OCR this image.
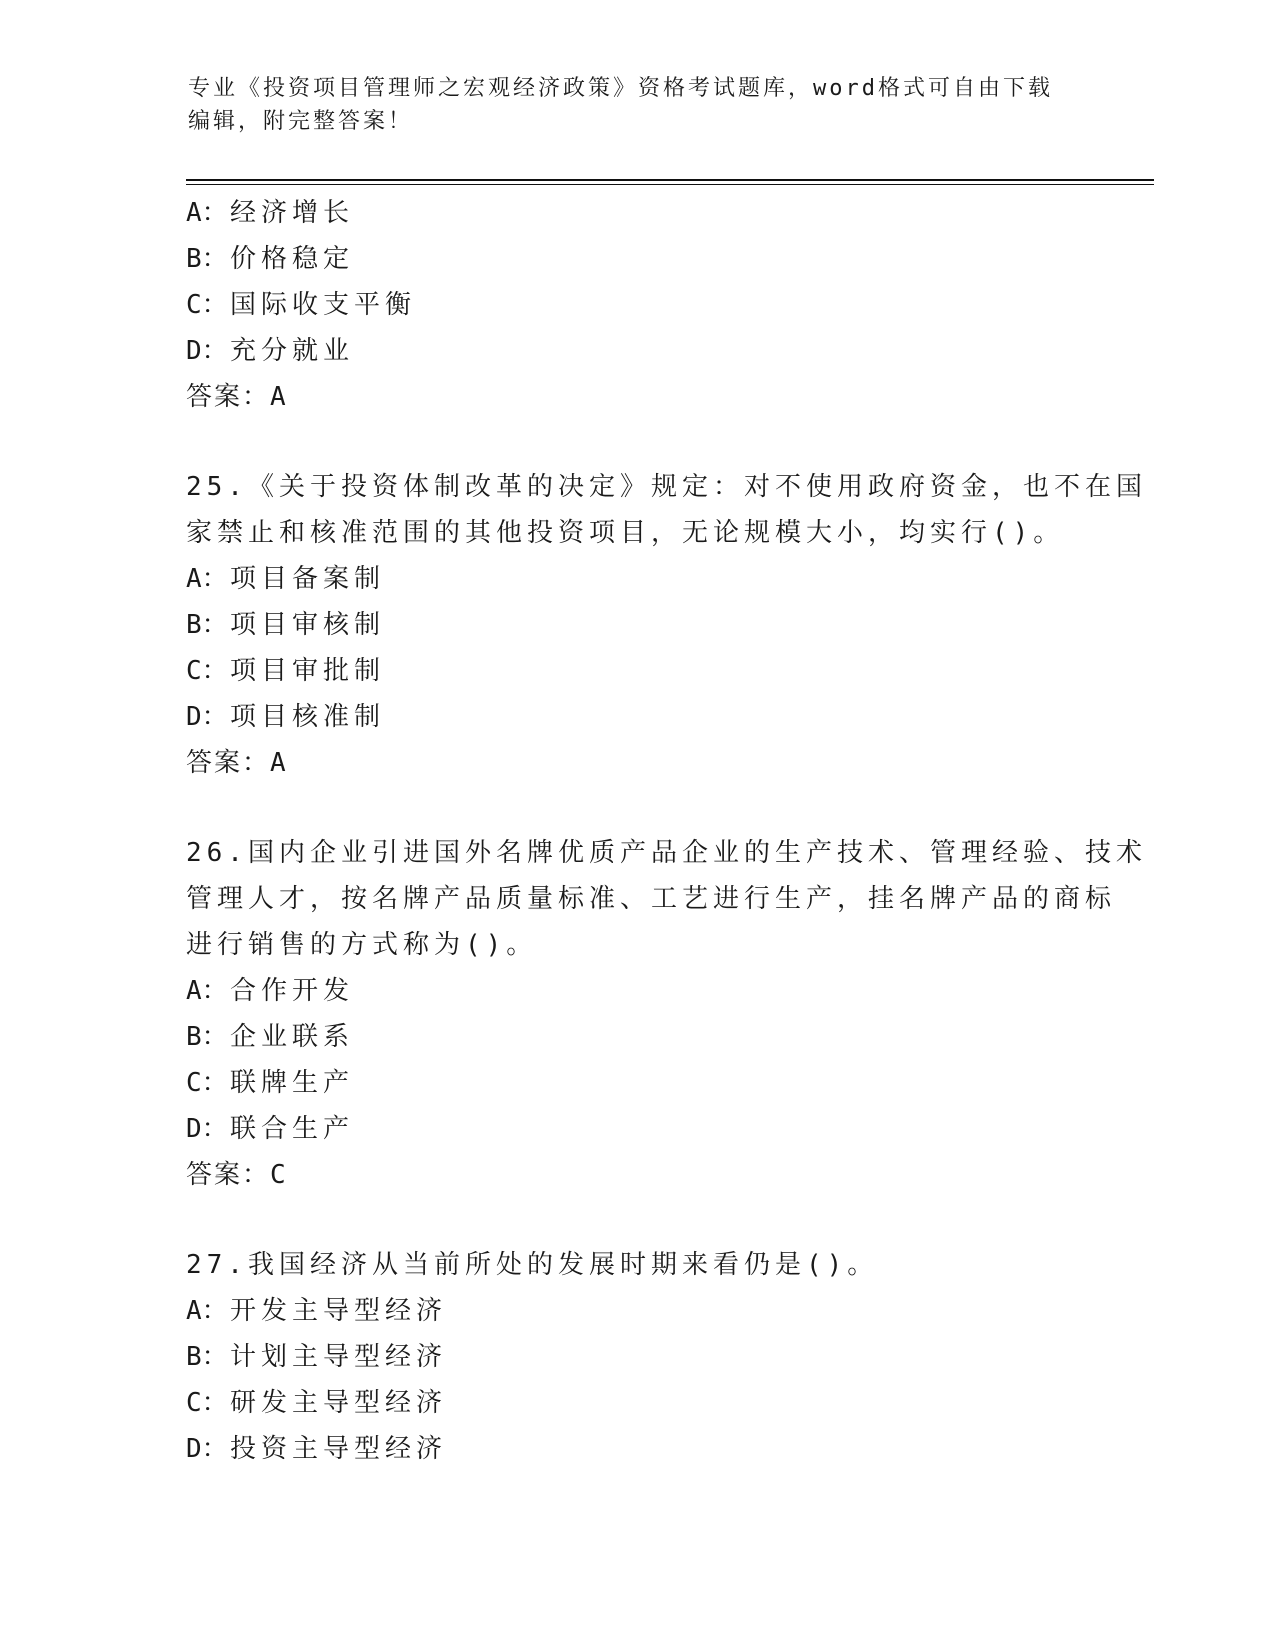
专业《投资项目管理师之宏观经济政策》资格考试题库，word格式可自由下载编辑，附完整答案！
A：经济增长
B：价格稳定
C：国际收支平衡
D：充分就业
答案：A
25.《关于投资体制改革的决定》规定：对不使用政府资金，也不在国
家禁止和核准范围的其他投资项目，无论规模大小，均实行()。
A：项目备案制
B：项目审核制
C：项目审批制
D：项目核准制
答案：A
26.国内企业引进国外名牌优质产品企业的生产技术、管理经验、技术
管理人才，按名牌产品质量标准、工艺进行生产，挂名牌产品的商标
进行销售的方式称为()。
A：合作开发
B：企业联系
C：联牌生产
D：联合生产
答案：C
27.我国经济从当前所处的发展时期来看仍是()。
A：开发主导型经济
B：计划主导型经济
C：研发主导型经济
D：投资主导型经济
